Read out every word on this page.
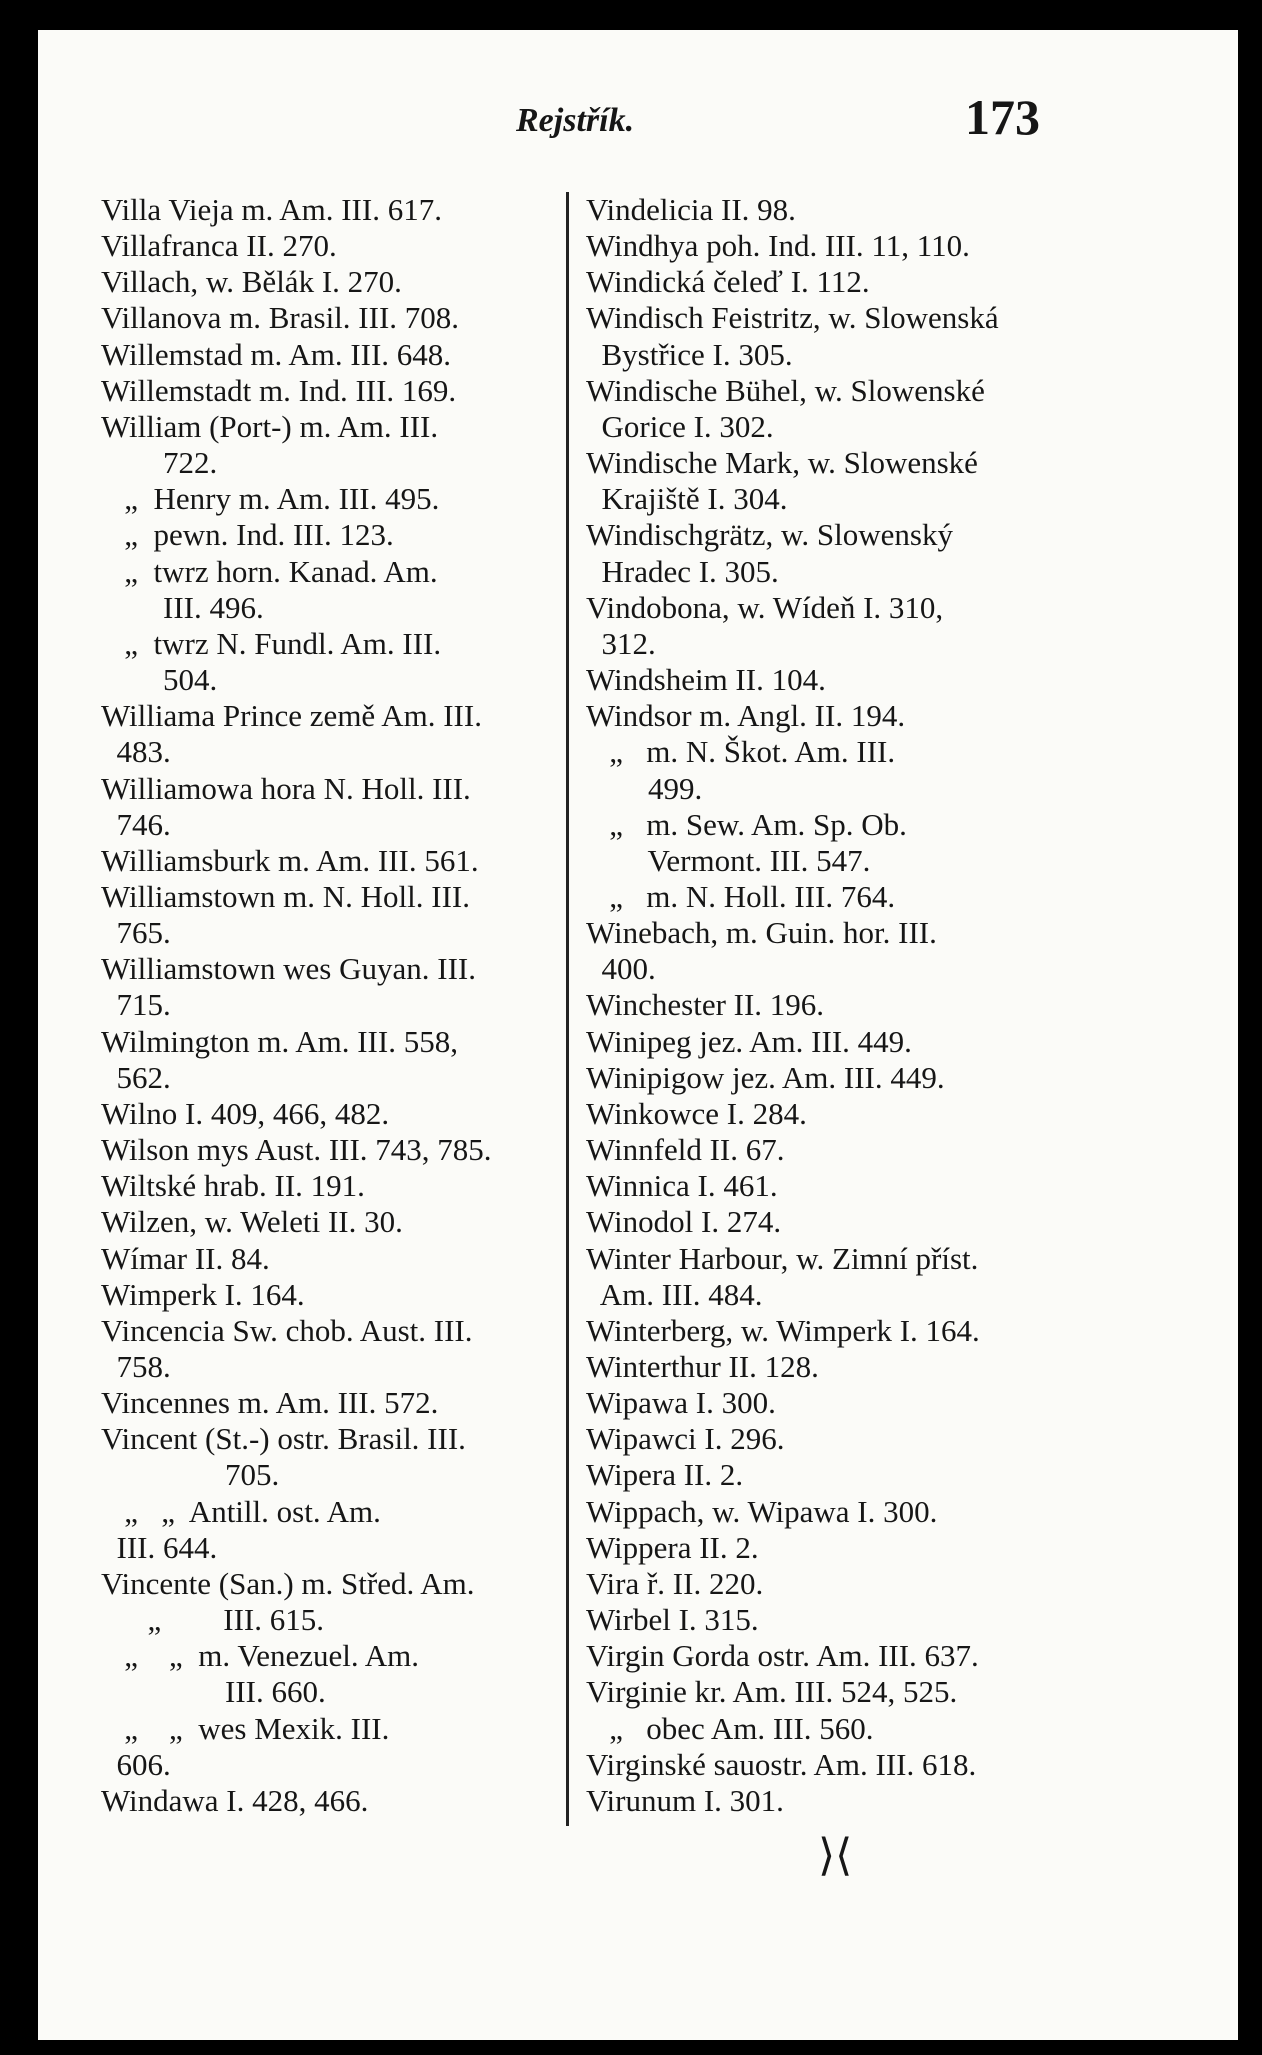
Rejstřík.	173
Villa Vieja m. Am. III. 617.
Villafranca II. 270.
Villach, w. Bělák I. 270.
Villanova m. Brasil. III. 708.
Willemstad m. Am. III. 648.
Willemstadt m. Ind. III. 169.
William (Port-) m. Am. III.
722.
„  Henry m. Am. III. 495.
„  pewn. Ind. III. 123.
„  twrz horn. Kanad. Am.
III. 496.
„  twrz N. Fundl. Am. III.
504.
Williama Prince země Am. III.
483.
Williamowa hora N. Holl. III.
746.
Williamsburk m. Am. III. 561.
Williamstown m. N. Holl. III.
765.
Williamstown wes Guyan. III.
715.
Wilmington m. Am. III. 558,
562.
Wilno I. 409, 466, 482.
Wilson mys Aust. III. 743, 785.
Wiltské hrab. II. 191.
Wilzen, w. Weleti II. 30.
Wímar II. 84.
Wimperk I. 164.
Vincencia Sw. chob. Aust. III.
758.
Vincennes m. Am. III. 572.
Vincent (St.-) ostr. Brasil. III.
705.
„   „  Antill. ost. Am.
III. 644.
Vincente (San.) m. Střed. Am.
„        III. 615.
„    „  m. Venezuel. Am.
III. 660.
„    „  wes Mexik. III.
606.
Windawa I. 428, 466.
Vindelicia II. 98.
Windhya poh. Ind. III. 11, 110.
Windická čeleď I. 112.
Windisch Feistritz, w. Slowenská
Bystřice I. 305.
Windische Bühel, w. Slowenské
Gorice I. 302.
Windische Mark, w. Slowenské
Krajiště I. 304.
Windischgrätz, w. Slowenský
Hradec I. 305.
Vindobona, w. Wídeň I. 310,
312.
Windsheim II. 104.
Windsor m. Angl. II. 194.
„   m. N. Škot. Am. III.
499.
„   m. Sew. Am. Sp. Ob.
Vermont. III. 547.
„   m. N. Holl. III. 764.
Winebach, m. Guin. hor. III.
400.
Winchester II. 196.
Winipeg jez. Am. III. 449.
Winipigow jez. Am. III. 449.
Winkowce I. 284.
Winnfeld II. 67.
Winnica I. 461.
Winodol I. 274.
Winter Harbour, w. Zimní příst.
Am. III. 484.
Winterberg, w. Wimperk I. 164.
Winterthur II. 128.
Wipawa I. 300.
Wipawci I. 296.
Wipera II. 2.
Wippach, w. Wipawa I. 300.
Wippera II. 2.
Vira ř. II. 220.
Wirbel I. 315.
Virgin Gorda ostr. Am. III. 637.
Virginie kr. Am. III. 524, 525.
„   obec Am. III. 560.
Virginské sauostr. Am. III. 618.
Virunum I. 301.
⟩⟨
